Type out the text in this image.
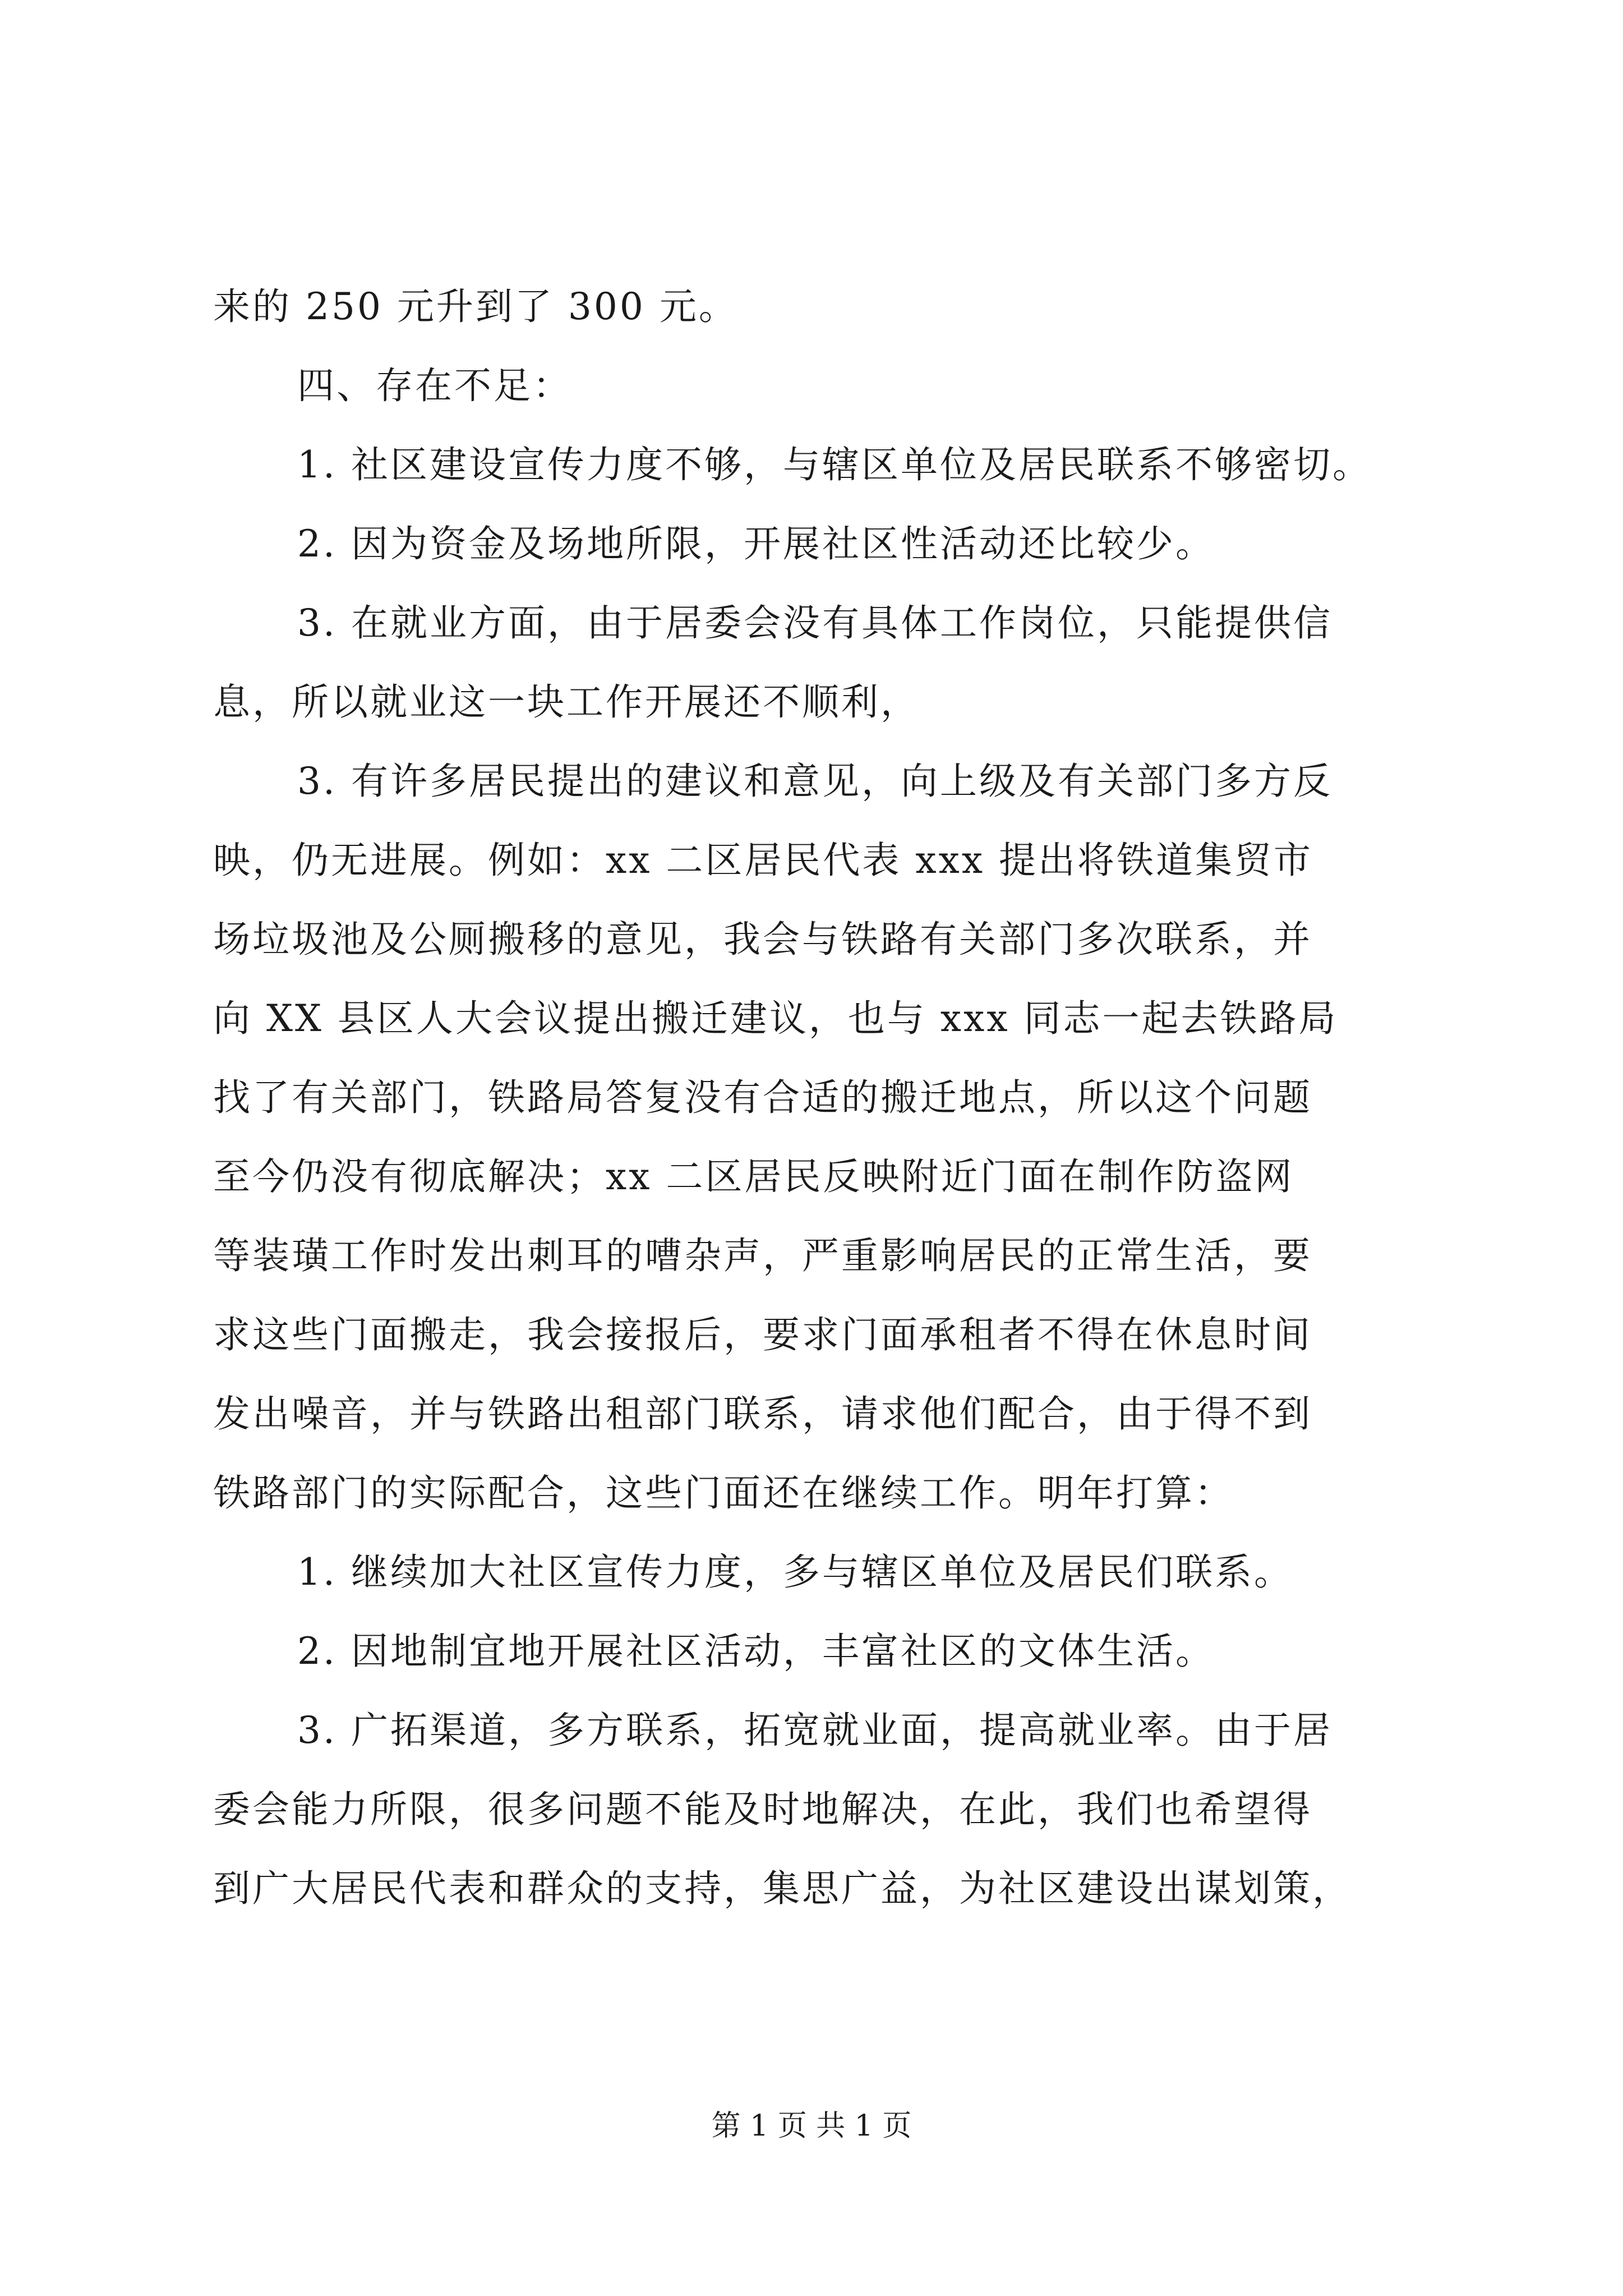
来的 250 元升到了 300 元。
四、存在不足：
1. 社区建设宣传力度不够，与辖区单位及居民联系不够密切。
2. 因为资金及场地所限，开展社区性活动还比较少。
3. 在就业方面，由于居委会没有具体工作岗位，只能提供信
息，所以就业这一块工作开展还不顺利，
3. 有许多居民提出的建议和意见，向上级及有关部门多方反
映，仍无进展。例如：xx 二区居民代表 xxx 提出将铁道集贸市
场垃圾池及公厕搬移的意见，我会与铁路有关部门多次联系，并
向 XX 县区人大会议提出搬迁建议，也与 xxx 同志一起去铁路局
找了有关部门，铁路局答复没有合适的搬迁地点，所以这个问题
至今仍没有彻底解决；xx 二区居民反映附近门面在制作防盗网
等装璜工作时发出刺耳的嘈杂声，严重影响居民的正常生活，要
求这些门面搬走，我会接报后，要求门面承租者不得在休息时间
发出噪音，并与铁路出租部门联系，请求他们配合，由于得不到
铁路部门的实际配合，这些门面还在继续工作。明年打算：
1. 继续加大社区宣传力度，多与辖区单位及居民们联系。
2. 因地制宜地开展社区活动，丰富社区的文体生活。
3. 广拓渠道，多方联系，拓宽就业面，提高就业率。由于居
委会能力所限，很多问题不能及时地解决，在此，我们也希望得
到广大居民代表和群众的支持，集思广益，为社区建设出谋划策，
第 1 页 共 1 页
